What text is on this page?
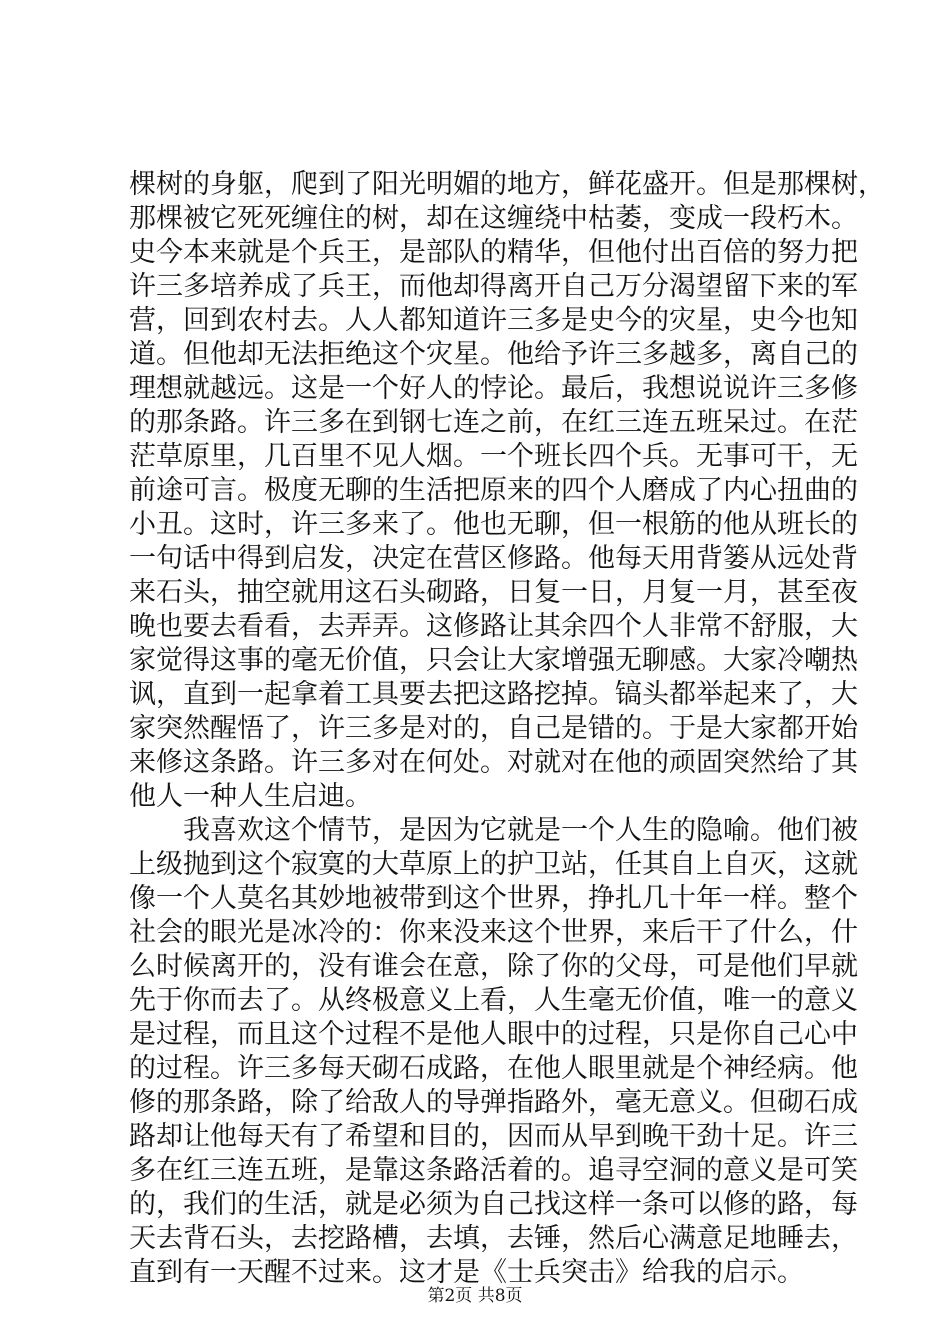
棵树的身躯，爬到了阳光明媚的地方，鲜花盛开。但是那棵树，
那棵被它死死缠住的树，却在这缠绕中枯萎，变成一段朽木。
史今本来就是个兵王，是部队的精华，但他付出百倍的努力把
许三多培养成了兵王，而他却得离开自己万分渴望留下来的军
营，回到农村去。人人都知道许三多是史今的灾星，史今也知
道。但他却无法拒绝这个灾星。他给予许三多越多，离自己的
理想就越远。这是一个好人的悖论。最后，我想说说许三多修
的那条路。许三多在到钢七连之前，在红三连五班呆过。在茫
茫草原里，几百里不见人烟。一个班长四个兵。无事可干，无
前途可言。极度无聊的生活把原来的四个人磨成了内心扭曲的
小丑。这时，许三多来了。他也无聊，但一根筋的他从班长的
一句话中得到启发，决定在营区修路。他每天用背篓从远处背
来石头，抽空就用这石头砌路，日复一日，月复一月，甚至夜
晚也要去看看，去弄弄。这修路让其余四个人非常不舒服，大
家觉得这事的毫无价值，只会让大家增强无聊感。大家冷嘲热
讽，直到一起拿着工具要去把这路挖掉。镐头都举起来了，大
家突然醒悟了，许三多是对的，自己是错的。于是大家都开始
来修这条路。许三多对在何处。对就对在他的顽固突然给了其
他人一种人生启迪。
我喜欢这个情节，是因为它就是一个人生的隐喻。他们被
上级抛到这个寂寞的大草原上的护卫站，任其自上自灭，这就
像一个人莫名其妙地被带到这个世界，挣扎几十年一样。整个
社会的眼光是冰冷的：你来没来这个世界，来后干了什么，什
么时候离开的，没有谁会在意，除了你的父母，可是他们早就
先于你而去了。从终极意义上看，人生毫无价值，唯一的意义
是过程，而且这个过程不是他人眼中的过程，只是你自己心中
的过程。许三多每天砌石成路，在他人眼里就是个神经病。他
修的那条路，除了给敌人的导弹指路外，毫无意义。但砌石成
路却让他每天有了希望和目的，因而从早到晚干劲十足。许三
多在红三连五班，是靠这条路活着的。追寻空洞的意义是可笑
的，我们的生活，就是必须为自己找这样一条可以修的路，每
天去背石头，去挖路槽，去填，去锤，然后心满意足地睡去，
直到有一天醒不过来。这才是《士兵突击》给我的启示。
第2页 共8页
